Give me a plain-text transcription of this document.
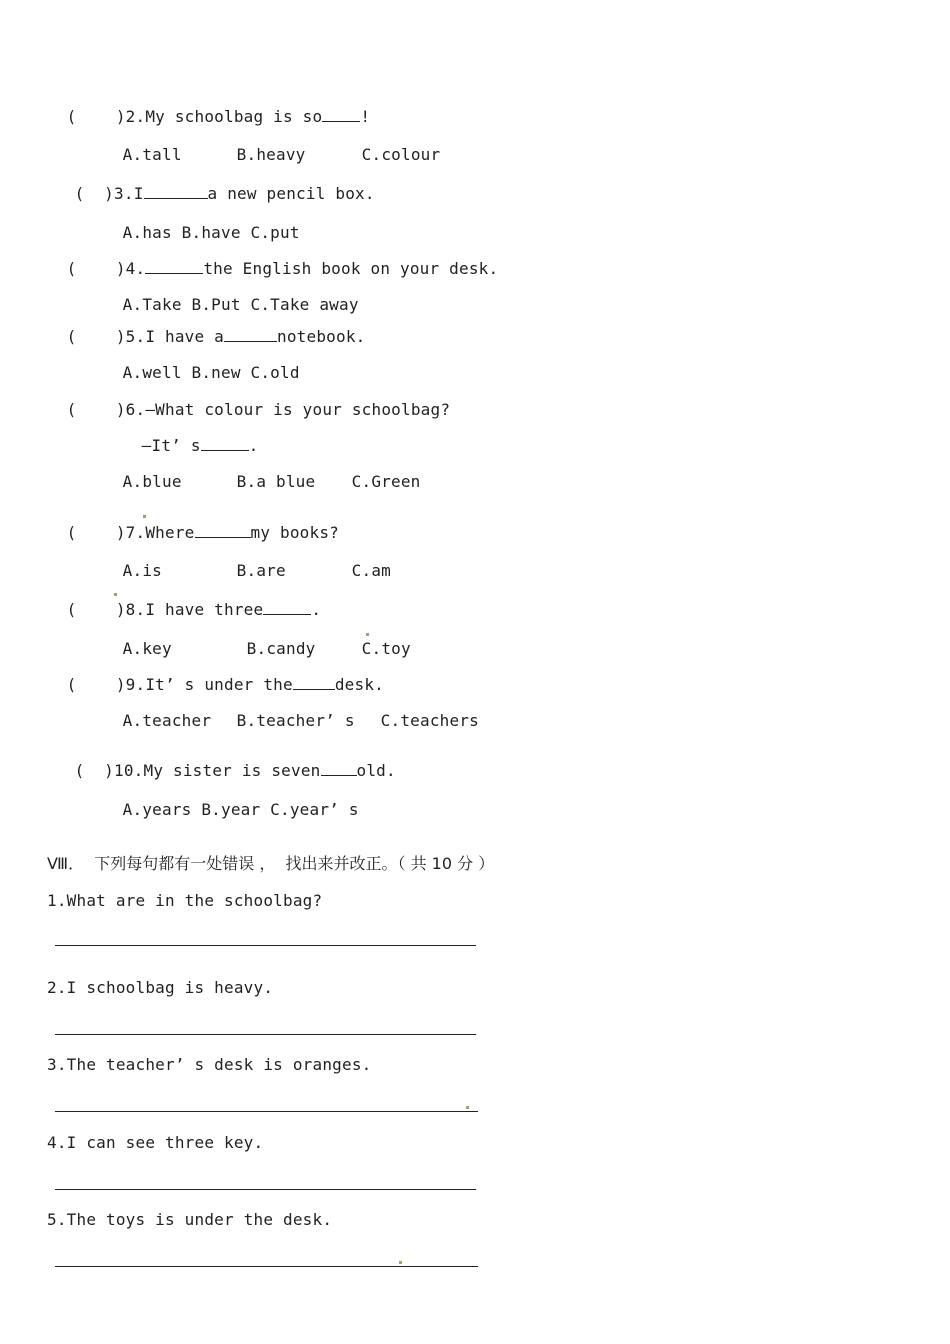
(    )2.My schoolbag is so !

A.tall	B.heavy	C.colour

(  )3.I	a new pencil box.

A.has B.have C.put

(    )4.	the English book on your desk.

A.Take B.Put C.Take away

(    )5.I have a	notebook.

A.well B.new C.old

(    )6.—What colour is your schoolbag?

—It’ s	.

A.blue	B.a blue C.Green

(    )7.Where	my books?

A.is	B.are	C.am

(    )8.I have three	.

A.key	B.candy	C.toy

(    )9.It’ s under the	desk.

A.teacher B.teacher’ s C.teachers

(  )10.My sister is seven old.

A.years B.year C.year’ s

Ⅷ．  下列每句都有一处错误 ，  找出来并改正。（ 共 10 分 ）
1.What are in the schoolbag?
2.I schoolbag is heavy.
3.The teacher’ s desk is oranges.
4.I can see three key.
5.The toys is under the desk.
